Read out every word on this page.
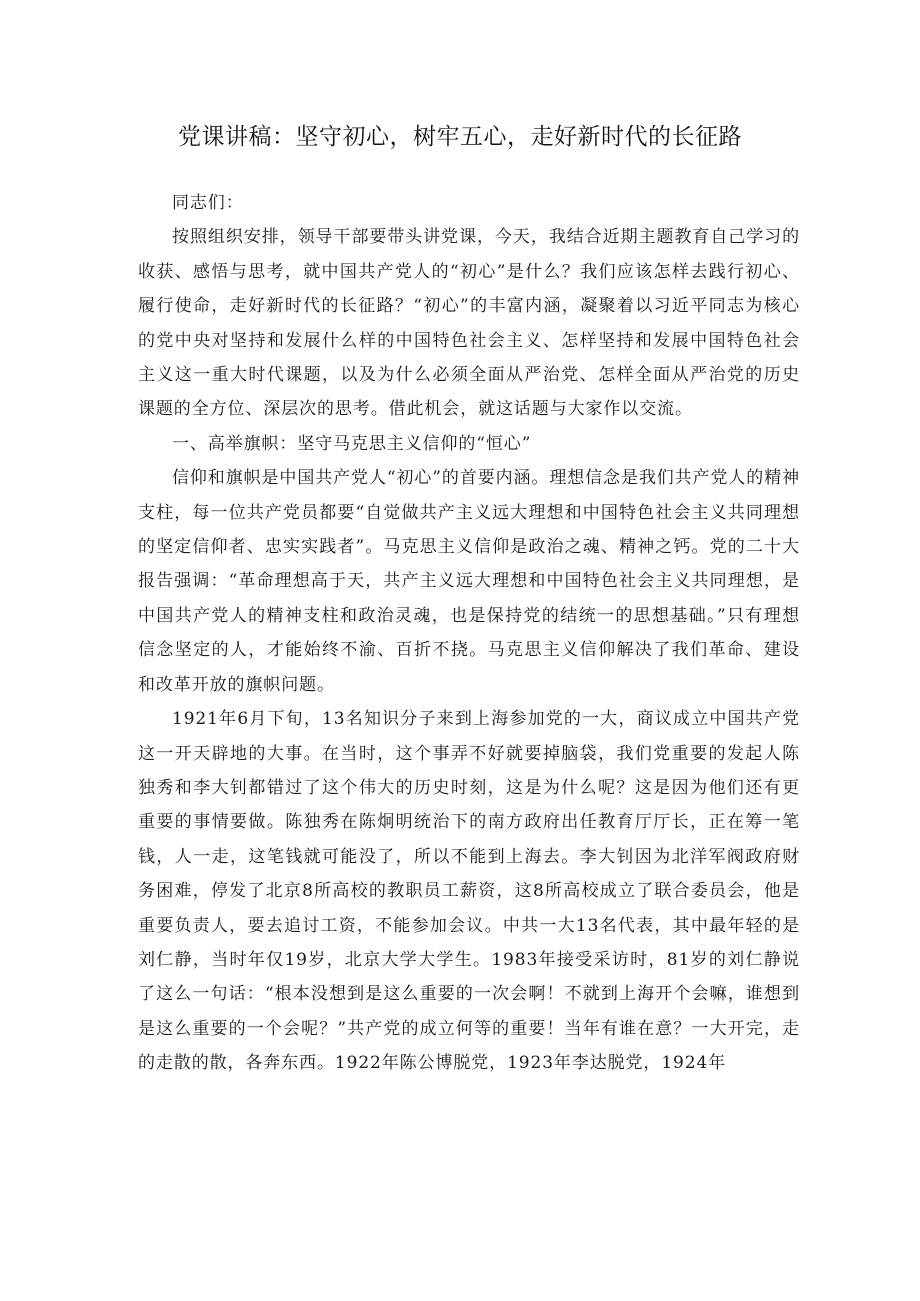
党课讲稿：坚守初心，树牢五心，走好新时代的长征路

同志们：

按照组织安排，领导干部要带头讲党课，今天，我结合近期主题教育自己学习的收获、感悟与思考，就中国共产党人的“初心”是什么？我们应该怎样去践行初心、履行使命，走好新时代的长征路？“初心”的丰富内涵，凝聚着以习近平同志为核心的党中央对坚持和发展什么样的中国特色社会主义、怎样坚持和发展中国特色社会主义这一重大时代课题，以及为什么必须全面从严治党、怎样全面从严治党的历史课题的全方位、深层次的思考。借此机会，就这话题与大家作以交流。

一、高举旗帜：坚守马克思主义信仰的“恒心”

信仰和旗帜是中国共产党人“初心”的首要内涵。理想信念是我们共产党人的精神支柱，每一位共产党员都要“自觉做共产主义远大理想和中国特色社会主义共同理想的坚定信仰者、忠实实践者”。马克思主义信仰是政治之魂、精神之钙。党的二十大报告强调：“革命理想高于天，共产主义远大理想和中国特色社会主义共同理想，是中国共产党人的精神支柱和政治灵魂，也是保持党的结统一的思想基础。”只有理想信念坚定的人，才能始终不渝、百折不挠。马克思主义信仰解决了我们革命、建设和改革开放的旗帜问题。

1921年6月下旬，13名知识分子来到上海参加党的一大，商议成立中国共产党这一开天辟地的大事。在当时，这个事弄不好就要掉脑袋，我们党重要的发起人陈独秀和李大钊都错过了这个伟大的历史时刻，这是为什么呢？这是因为他们还有更重要的事情要做。陈独秀在陈炯明统治下的南方政府出任教育厅厅长，正在筹一笔钱，人一走，这笔钱就可能没了，所以不能到上海去。李大钊因为北洋军阀政府财务困难，停发了北京8所高校的教职员工薪资，这8所高校成立了联合委员会，他是重要负责人，要去追讨工资，不能参加会议。中共一大13名代表，其中最年轻的是刘仁静，当时年仅19岁，北京大学大学生。1983年接受采访时，81岁的刘仁静说了这么一句话：“根本没想到是这么重要的一次会啊！不就到上海开个会嘛，谁想到是这么重要的一个会呢？”共产党的成立何等的重要！当年有谁在意？一大开完，走的走散的散，各奔东西。1922年陈公博脱党，1923年李达脱党，1924年
